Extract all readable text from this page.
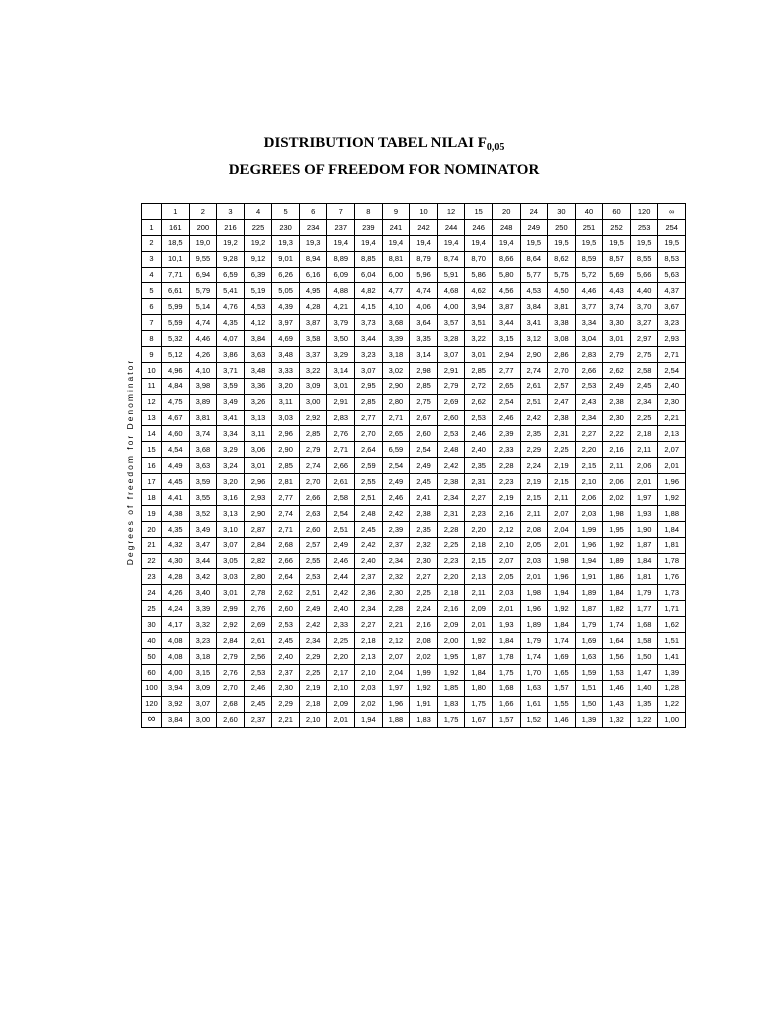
DISTRIBUTION TABEL NILAI $F_{0,05}$
DEGREES OF FREEDOM FOR NOMINATOR
Degrees of freedom for Denominator
	1	2	3	4	5	6	7	8	9	10	12	15	20	24	30	40	60	120	∞
1	161	200	216	225	230	234	237	239	241	242	244	246	248	249	250	251	252	253	254
2	18,5	19,0	19,2	19,2	19,3	19,3	19,4	19,4	19,4	19,4	19,4	19,4	19,4	19,5	19,5	19,5	19,5	19,5	19,5
3	10,1	9,55	9,28	9,12	9,01	8,94	8,89	8,85	8,81	8,79	8,74	8,70	8,66	8,64	8,62	8,59	8,57	8,55	8,53
4	7,71	6,94	6,59	6,39	6,26	6,16	6,09	6,04	6,00	5,96	5,91	5,86	5,80	5,77	5,75	5,72	5,69	5,66	5,63
5	6,61	5,79	5,41	5,19	5,05	4,95	4,88	4,82	4,77	4,74	4,68	4,62	4,56	4,53	4,50	4,46	4,43	4,40	4,37
6	5,99	5,14	4,76	4,53	4,39	4,28	4,21	4,15	4,10	4,06	4,00	3,94	3,87	3,84	3,81	3,77	3,74	3,70	3,67
7	5,59	4,74	4,35	4,12	3,97	3,87	3,79	3,73	3,68	3,64	3,57	3,51	3,44	3,41	3,38	3,34	3,30	3,27	3,23
8	5,32	4,46	4,07	3,84	4,69	3,58	3,50	3,44	3,39	3,35	3,28	3,22	3,15	3,12	3,08	3,04	3,01	2,97	2,93
9	5,12	4,26	3,86	3,63	3,48	3,37	3,29	3,23	3,18	3,14	3,07	3,01	2,94	2,90	2,86	2,83	2,79	2,75	2,71
10	4,96	4,10	3,71	3,48	3,33	3,22	3,14	3,07	3,02	2,98	2,91	2,85	2,77	2,74	2,70	2,66	2,62	2,58	2,54
11	4,84	3,98	3,59	3,36	3,20	3,09	3,01	2,95	2,90	2,85	2,79	2,72	2,65	2,61	2,57	2,53	2,49	2,45	2,40
12	4,75	3,89	3,49	3,26	3,11	3,00	2,91	2,85	2,80	2,75	2,69	2,62	2,54	2,51	2,47	2,43	2,38	2,34	2,30
13	4,67	3,81	3,41	3,13	3,03	2,92	2,83	2,77	2,71	2,67	2,60	2,53	2,46	2,42	2,38	2,34	2,30	2,25	2,21
14	4,60	3,74	3,34	3,11	2,96	2,85	2,76	2,70	2,65	2,60	2,53	2,46	2,39	2,35	2,31	2,27	2,22	2,18	2,13
15	4,54	3,68	3,29	3,06	2,90	2,79	2,71	2,64	6,59	2,54	2,48	2,40	2,33	2,29	2,25	2,20	2,16	2,11	2,07
16	4,49	3,63	3,24	3,01	2,85	2,74	2,66	2,59	2,54	2,49	2,42	2,35	2,28	2,24	2,19	2,15	2,11	2,06	2,01
17	4,45	3,59	3,20	2,96	2,81	2,70	2,61	2,55	2,49	2,45	2,38	2,31	2,23	2,19	2,15	2,10	2,06	2,01	1,96
18	4,41	3,55	3,16	2,93	2,77	2,66	2,58	2,51	2,46	2,41	2,34	2,27	2,19	2,15	2,11	2,06	2,02	1,97	1,92
19	4,38	3,52	3,13	2,90	2,74	2,63	2,54	2,48	2,42	2,38	2,31	2,23	2,16	2,11	2,07	2,03	1,98	1,93	1,88
20	4,35	3,49	3,10	2,87	2,71	2,60	2,51	2,45	2,39	2,35	2,28	2,20	2,12	2,08	2,04	1,99	1,95	1,90	1,84
21	4,32	3,47	3,07	2,84	2,68	2,57	2,49	2,42	2,37	2,32	2,25	2,18	2,10	2,05	2,01	1,96	1,92	1,87	1,81
22	4,30	3,44	3,05	2,82	2,66	2,55	2,46	2,40	2,34	2,30	2,23	2,15	2,07	2,03	1,98	1,94	1,89	1,84	1,78
23	4,28	3,42	3,03	2,80	2,64	2,53	2,44	2,37	2,32	2,27	2,20	2,13	2,05	2,01	1,96	1,91	1,86	1,81	1,76
24	4,26	3,40	3,01	2,78	2,62	2,51	2,42	2,36	2,30	2,25	2,18	2,11	2,03	1,98	1,94	1,89	1,84	1,79	1,73
25	4,24	3,39	2,99	2,76	2,60	2,49	2,40	2,34	2,28	2,24	2,16	2,09	2,01	1,96	1,92	1,87	1,82	1,77	1,71
30	4,17	3,32	2,92	2,69	2,53	2,42	2,33	2,27	2,21	2,16	2,09	2,01	1,93	1,89	1,84	1,79	1,74	1,68	1,62
40	4,08	3,23	2,84	2,61	2,45	2,34	2,25	2,18	2,12	2,08	2,00	1,92	1,84	1,79	1,74	1,69	1,64	1,58	1,51
50	4,08	3,18	2,79	2,56	2,40	2,29	2,20	2,13	2,07	2,02	1,95	1,87	1,78	1,74	1,69	1,63	1,56	1,50	1,41
60	4,00	3,15	2,76	2,53	2,37	2,25	2,17	2,10	2,04	1,99	1,92	1,84	1,75	1,70	1,65	1,59	1,53	1,47	1,39
100	3,94	3,09	2,70	2,46	2,30	2,19	2,10	2,03	1,97	1,92	1,85	1,80	1,68	1,63	1,57	1,51	1,46	1,40	1,28
120	3,92	3,07	2,68	2,45	2,29	2,18	2,09	2,02	1,96	1,91	1,83	1,75	1,66	1,61	1,55	1,50	1,43	1,35	1,22
∞	3,84	3,00	2,60	2,37	2,21	2,10	2,01	1,94	1,88	1,83	1,75	1,67	1,57	1,52	1,46	1,39	1,32	1,22	1,00
